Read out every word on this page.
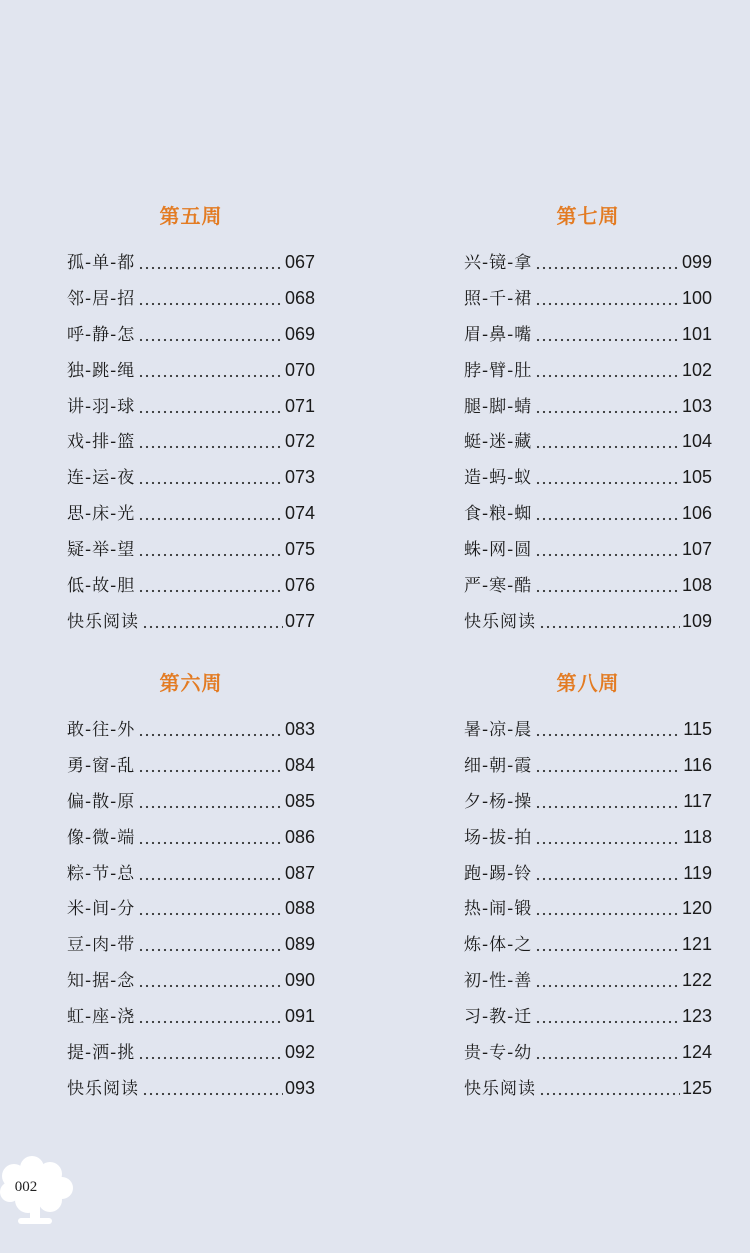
第五周
孤-单-都	067
邻-居-招	068
呼-静-怎	069
独-跳-绳	070
讲-羽-球	071
戏-排-篮	072
连-运-夜	073
思-床-光	074
疑-举-望	075
低-故-胆	076
快乐阅读	077
第七周
兴-镜-拿	099
照-千-裙	100
眉-鼻-嘴	101
脖-臂-肚	102
腿-脚-蜻	103
蜓-迷-藏	104
造-蚂-蚁	105
食-粮-蜘	106
蛛-网-圆	107
严-寒-酷	108
快乐阅读	109
第六周
敢-往-外	083
勇-窗-乱	084
偏-散-原	085
像-微-端	086
粽-节-总	087
米-间-分	088
豆-肉-带	089
知-据-念	090
虹-座-浇	091
提-洒-挑	092
快乐阅读	093
第八周
暑-凉-晨	115
细-朝-霞	116
夕-杨-操	117
场-拔-拍	118
跑-踢-铃	119
热-闹-锻	120
炼-体-之	121
初-性-善	122
习-教-迁	123
贵-专-幼	124
快乐阅读	125
002
